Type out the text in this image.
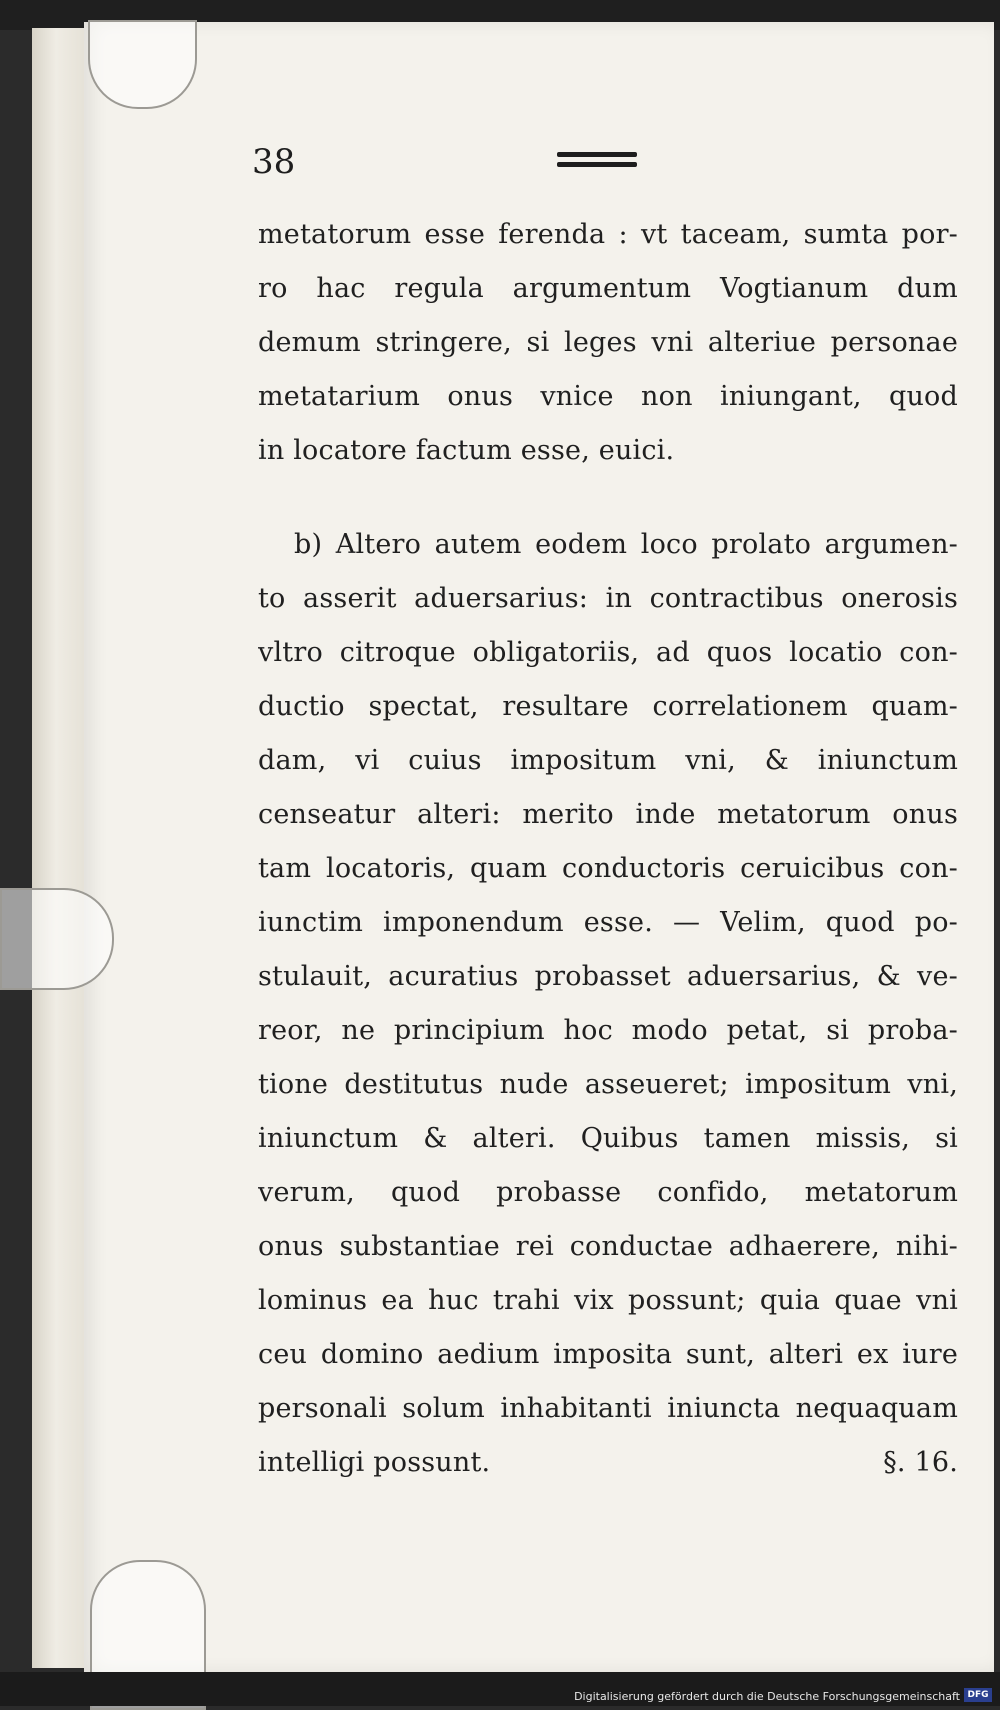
38
metatorum esse ferenda : vt taceam, sumta por-
ro hac regula argumentum Vogtianum dum
demum stringere, si leges vni alteriue personae
metatarium onus vnice non iniungant, quod
in locatore factum esse, euici.
b) Altero autem eodem loco prolato argumen-
to asserit aduersarius: in contractibus onerosis
vltro citroque obligatoriis, ad quos locatio con-
ductio spectat, resultare correlationem quam-
dam, vi cuius impositum vni, & iniunctum
censeatur alteri: merito inde metatorum onus
tam locatoris, quam conductoris ceruicibus con-
iunctim imponendum esse. — Velim, quod po-
stulauit, acuratius probasset aduersarius, & ve-
reor, ne principium hoc modo petat, si proba-
tione destitutus nude asseueret; impositum vni,
iniunctum & alteri. Quibus tamen missis, si
verum, quod probasse confido, metatorum
onus substantiae rei conductae adhaerere, nihi-
lominus ea huc trahi vix possunt; quia quae vni
ceu domino aedium imposita sunt, alteri ex iure
personali solum inhabitanti iniuncta nequaquam
intelligi possunt.	§. 16.
Digitalisierung gefördert durch die Deutsche Forschungsgemeinschaft DFG
